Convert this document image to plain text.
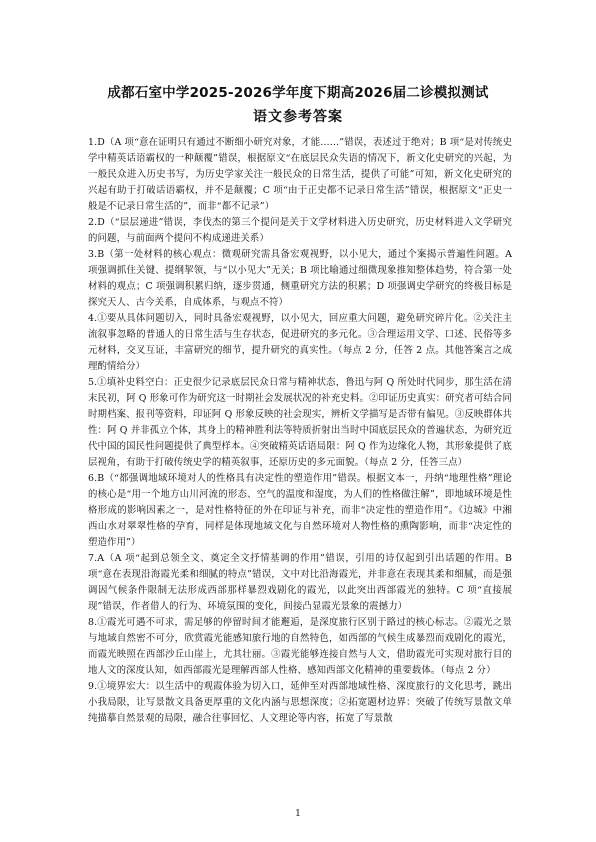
成都石室中学2025-2026学年度下期高2026届二诊模拟测试
语文参考答案

1.D（A 项“意在证明只有通过不断细小研究对象，才能……”错误，表述过于绝对；B 项“是对传统史学中精英话语霸权的一种颠覆”错误，根据原文“在底层民众失语的情况下，新文化史研究的兴起，为一般民众进入历史书写，为历史学家关注一般民众的日常生活，提供了可能”可知，新文化史研究的兴起有助于打破话语霸权，并不是颠覆；C 项“由于正史都不记录日常生活”错误，根据原文“正史一般是不记录日常生活的”，而非“都不记录”）

2.D（“层层递进”错误，李伐杰的第三个提问是关于文学材料进入历史研究，历史材料进入文学研究的问题，与前面两个提问不构成递进关系）

3.B（第一处材料的核心观点：微观研究需具备宏观视野，以小见大，通过个案揭示普遍性问题。A 项强调抓住关键、提纲挈领，与“以小见大”无关；B 项比喻通过细微现象推知整体趋势，符合第一处材料的观点；C 项强调积累归纳，逐步贯通，侧重研究方法的积累；D 项强调史学研究的终极目标是探究天人、古今关系，自成体系，与观点不符）

4.①要从具体问题切入，同时具备宏观视野，以小见大，回应重大问题，避免研究碎片化。②关注主流叙事忽略的普通人的日常生活与生存状态，促进研究的多元化。③合理运用文学、口述、民俗等多元材料，交叉互证，丰富研究的细节，提升研究的真实性。（每点 2 分，任答 2 点。其他答案言之成理酌情给分）

5.①填补史料空白：正史很少记录底层民众日常与精神状态，鲁迅与阿 Q 所处时代同步，那生活在清末民初，阿 Q 形象可作为研究这一时期社会发展状况的补充史料。②印证历史真实：研究者可结合同时期档案、报刊等资料，印证阿 Q 形象反映的社会现实，辨析文学描写是否带有偏见。③反映群体共性：阿 Q 并非孤立个体，其身上的精神胜利法等特质折射出当时中国底层民众的普遍状态，为研究近代中国的国民性问题提供了典型样本。④突破精英话语局限：阿 Q 作为边缘化人物，其形象提供了底层视角，有助于打破传统史学的精英叙事，还原历史的多元面貌。（每点 2 分，任答三点）

6.B（“都强调地域环境对人的性格具有决定性的塑造作用”错误。根据文本一，丹纳“地理性格”理论的核心是“用一个地方山川河流的形态、空气的温度和湿度，为人们的性格做注解”，即地域环境是性格形成的影响因素之一，是对性格特征的外在印证与补充，而非“决定性的塑造作用”。《边城》中湘西山水对翠翠性格的孕育，同样是体现地域文化与自然环境对人物性格的熏陶影响，而非“决定性的塑造作用”）

7.A（A 项“起到总领全文、奠定全文抒情基调的作用”错误，引用的诗仅起到引出话题的作用。B 项“意在表现沿海霞光柔和细腻的特点”错误，文中对比沿海霞光，并非意在表现其柔和细腻，而是强调因气候条件限制无法形成西部那样暴烈戏剧化的霞光，以此突出西部霞光的独特。C 项“直接展现”错误，作者借人的行为、环境氛围的变化，间接凸显霞光景象的震撼力）

8.①霞光可遇不可求，需足够的停留时间才能邂逅，是深度旅行区别于路过的核心标志。②霞光之景与地域自然密不可分，欣赏霞光能感知旅行地的自然特色，如西部的气候生成暴烈而戏剧化的霞光，而霞光映照在西部沙丘山崖上，尤其壮丽。③霞光能够连接自然与人文，借助霞光可实现对旅行目的地人文的深度认知，如西部霞光是理解西部人性格、感知西部文化精神的重要载体。（每点 2 分）

9.①境界宏大：以生活中的观霞体验为切入口，延伸至对西部地域性格、深度旅行的文化思考，跳出小我局限，让写景散文具备更厚重的文化内涵与思想深度；②拓宽题材边界：突破了传统写景散文单纯描摹自然景观的局限，融合往事回忆、人文理论等内容，拓宽了写景散

1
